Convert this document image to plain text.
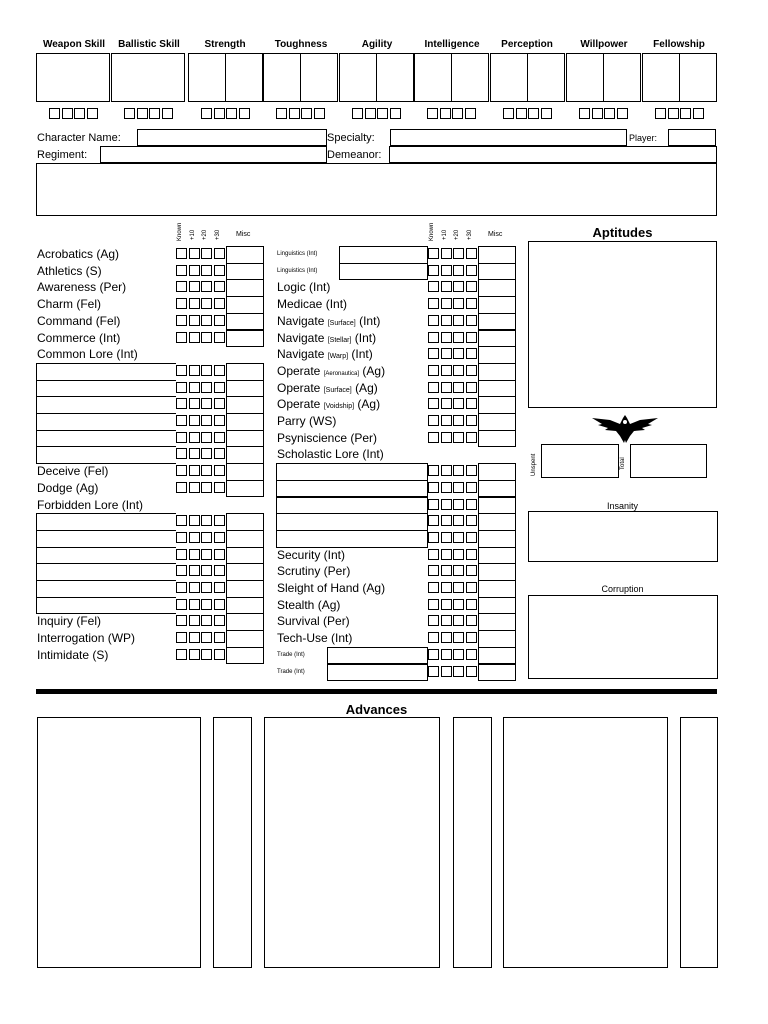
Weapon Skill	Ballistic Skill	Strength	Toughness	Agility	Intelligence	Perception	Willpower	Fellowship
Character Name:	Specialty:	Player:
Regiment:	Demeanor:
Known +10 +20 +30 Misc	Known +10 +20 +30 Misc
Acrobatics (Ag)
Athletics (S)
Awareness (Per)
Charm (Fel)
Command (Fel)
Commerce (Int)
Common Lore (Int)
Deceive (Fel)
Dodge (Ag)
Forbidden Lore (Int)
Inquiry (Fel)
Interrogation (WP)
Intimidate (S)
Linguistics (Int)
Linguistics (Int)
Logic (Int)
Medicae (Int)
Navigate [Surface] (Int)
Navigate [Stellar] (Int)
Navigate [Warp] (Int)
Operate [Aeronautica] (Ag)
Operate [Surface] (Ag)
Operate [Voidship] (Ag)
Parry (WS)
Psyniscience (Per)
Scholastic Lore (Int)
Security (Int)
Scrutiny (Per)
Sleight of Hand (Ag)
Stealth (Ag)
Survival (Per)
Tech-Use (Int)
Trade (Int)
Trade (Int)
Aptitudes
Unspent	Total
Insanity
Corruption
Advances
